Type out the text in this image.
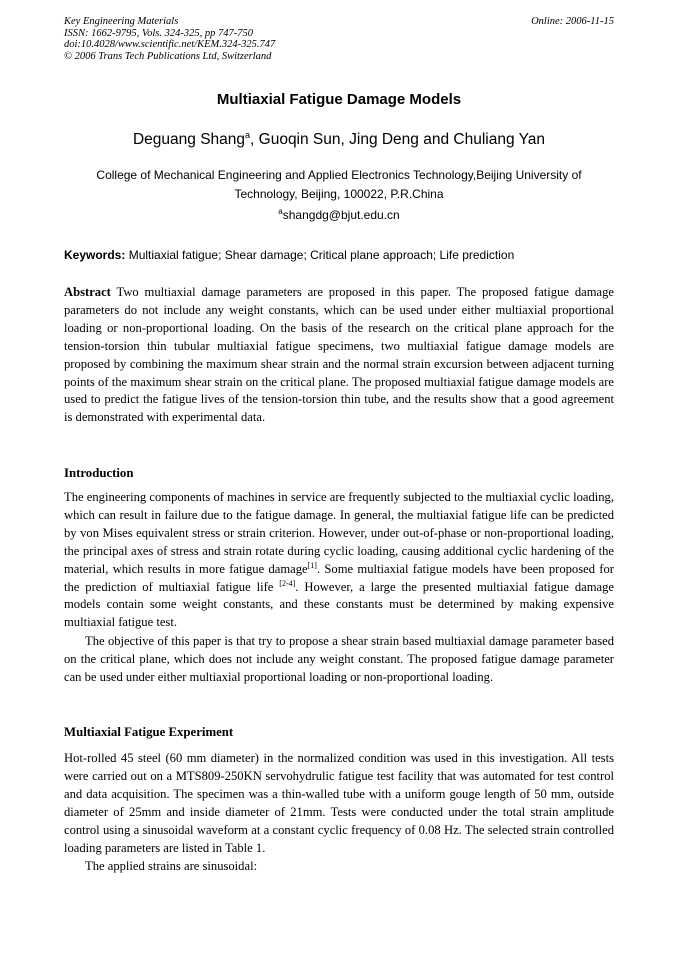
Key Engineering Materials
ISSN: 1662-9795, Vols. 324-325, pp 747-750
doi:10.4028/www.scientific.net/KEM.324-325.747
© 2006 Trans Tech Publications Ltd, Switzerland
Online: 2006-11-15
Multiaxial Fatigue Damage Models
Deguang Shang$^a$, Guoqin Sun, Jing Deng and Chuliang Yan
College of Mechanical Engineering and Applied Electronics Technology,Beijing University of Technology, Beijing, 100022, P.R.China
$^a$shangdg@bjut.edu.cn
Keywords: Multiaxial fatigue; Shear damage; Critical plane approach; Life prediction
Abstract Two multiaxial damage parameters are proposed in this paper. The proposed fatigue damage parameters do not include any weight constants, which can be used under either multiaxial proportional loading or non-proportional loading. On the basis of the research on the critical plane approach for the tension-torsion thin tubular multiaxial fatigue specimens, two multiaxial fatigue damage models are proposed by combining the maximum shear strain and the normal strain excursion between adjacent turning points of the maximum shear strain on the critical plane. The proposed multiaxial fatigue damage models are used to predict the fatigue lives of the tension-torsion thin tube, and the results show that a good agreement is demonstrated with experimental data.
Introduction
The engineering components of machines in service are frequently subjected to the multiaxial cyclic loading, which can result in failure due to the fatigue damage. In general, the multiaxial fatigue life can be predicted by von Mises equivalent stress or strain criterion. However, under out-of-phase or non-proportional loading, the principal axes of stress and strain rotate during cyclic loading, causing additional cyclic hardening of the material, which results in more fatigue damage[1]. Some multiaxial fatigue models have been proposed for the prediction of multiaxial fatigue life [2-4]. However, a large the presented multiaxial fatigue damage models contain some weight constants, and these constants must be determined by making expensive multiaxial fatigue test.
The objective of this paper is that try to propose a shear strain based multiaxial damage parameter based on the critical plane, which does not include any weight constant. The proposed fatigue damage parameter can be used under either multiaxial proportional loading or non-proportional loading.
Multiaxial Fatigue Experiment
Hot-rolled 45 steel (60 mm diameter) in the normalized condition was used in this investigation. All tests were carried out on a MTS809-250KN servohydrulic fatigue test facility that was automated for test control and data acquisition. The specimen was a thin-walled tube with a uniform gouge length of 50 mm, outside diameter of 25mm and inside diameter of 21mm. Tests were conducted under the total strain amplitude control using a sinusoidal waveform at a constant cyclic frequency of 0.08 Hz. The selected strain controlled loading parameters are listed in Table 1.
The applied strains are sinusoidal:
